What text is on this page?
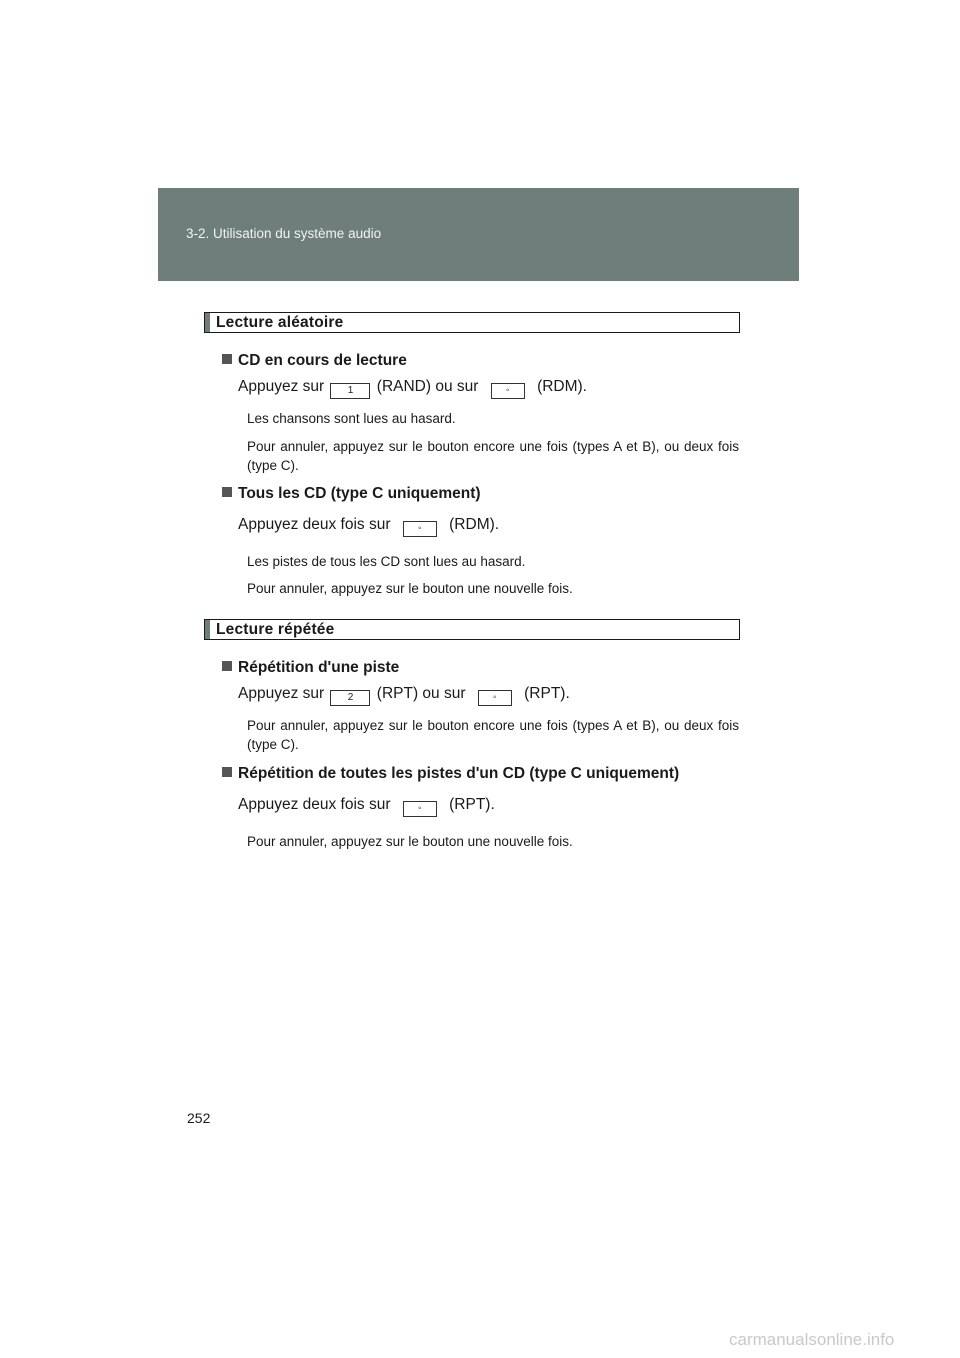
3-2. Utilisation du système audio
Lecture aléatoire
CD en cours de lecture
Appuyez sur 1 (RAND) ou sur	◦ (RDM).
Les chansons sont lues au hasard.
Pour annuler, appuyez sur le bouton encore une fois (types A et B), ou deux fois (type C).
Tous les CD (type C uniquement)
Appuyez deux fois sur	◦ (RDM).
Les pistes de tous les CD sont lues au hasard.
Pour annuler, appuyez sur le bouton une nouvelle fois.
Lecture répétée
Répétition d'une piste
Appuyez sur 2 (RPT) ou sur	◦ (RPT).
Pour annuler, appuyez sur le bouton encore une fois (types A et B), ou deux fois (type C).
Répétition de toutes les pistes d'un CD (type C uniquement)
Appuyez deux fois sur	◦ (RPT).
Pour annuler, appuyez sur le bouton une nouvelle fois.
252
carmanualsonline.info
